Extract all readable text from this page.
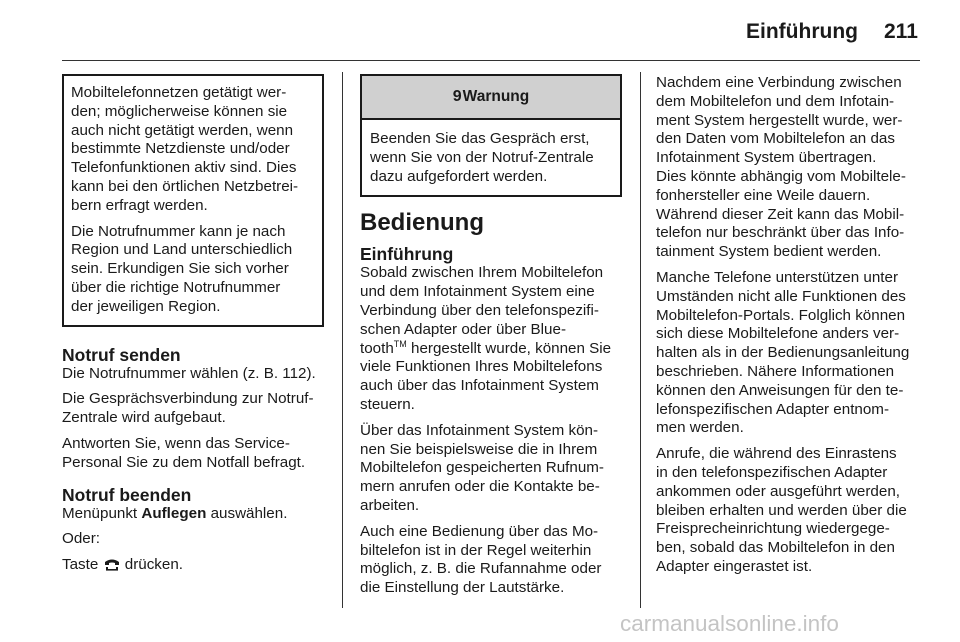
Einführung 211

Mobiltelefonnetzen getätigt wer-
den; möglicherweise können sie
auch nicht getätigt werden, wenn
bestimmte Netzdienste und/oder
Telefonfunktionen aktiv sind. Dies
kann bei den örtlichen Netzbetrei-
bern erfragt werden.

Die Notrufnummer kann je nach
Region und Land unterschiedlich
sein. Erkundigen Sie sich vorher
über die richtige Notrufnummer
der jeweiligen Region.

Notruf senden

Die Notrufnummer wählen (z. B. 112).

Die Gesprächsverbindung zur Notruf-
Zentrale wird aufgebaut.

Antworten Sie, wenn das Service-
Personal Sie zu dem Notfall befragt.

Notruf beenden

Menüpunkt Auflegen auswählen.

Oder:

Taste  drücken.

9 Warnung
Beenden Sie das Gespräch erst,
wenn Sie von der Notruf-Zentrale
dazu aufgefordert werden.
Bedienung
Einführung

Sobald zwischen Ihrem Mobiltelefon
und dem Infotainment System eine
Verbindung über den telefonspezifi-
schen Adapter oder über Blue-
tooth™ hergestellt wurde, können Sie
viele Funktionen Ihres Mobiltelefons
auch über das Infotainment System
steuern.

Über das Infotainment System kön-
nen Sie beispielsweise die in Ihrem
Mobiltelefon gespeicherten Rufnum-
mern anrufen oder die Kontakte be-
arbeiten.

Auch eine Bedienung über das Mo-
biltelefon ist in der Regel weiterhin
möglich, z. B. die Rufannahme oder
die Einstellung der Lautstärke.

Nachdem eine Verbindung zwischen
dem Mobiltelefon und dem Infotain-
ment System hergestellt wurde, wer-
den Daten vom Mobiltelefon an das
Infotainment System übertragen.
Dies könnte abhängig vom Mobiltele-
fonhersteller eine Weile dauern.
Während dieser Zeit kann das Mobil-
telefon nur beschränkt über das Info-
tainment System bedient werden.

Manche Telefone unterstützen unter
Umständen nicht alle Funktionen des
Mobiltelefon-Portals. Folglich können
sich diese Mobiltelefone anders ver-
halten als in der Bedienungsanleitung
beschrieben. Nähere Informationen
können den Anweisungen für den te-
lefonspezifischen Adapter entnom-
men werden.

Anrufe, die während des Einrastens
in den telefonspezifischen Adapter
ankommen oder ausgeführt werden,
bleiben erhalten und werden über die
Freisprecheinrichtung wiedergege-
ben, sobald das Mobiltelefon in den
Adapter eingerastet ist.

carmanualsonline.info
